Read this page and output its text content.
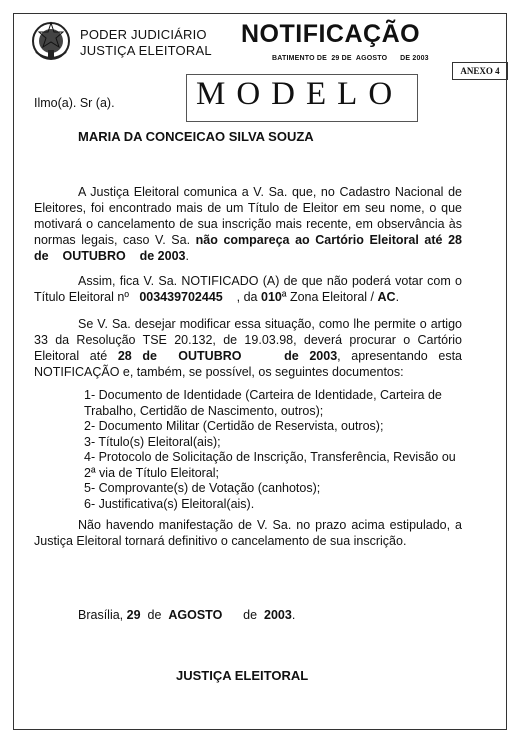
PODER JUDICIÁRIO
JUSTIÇA ELEITORAL
NOTIFICAÇÃO
BATIMENTO DE 29 DE AGOSTO DE 2003
ANEXO 4
MODELO
Ilmo(a). Sr (a).
MARIA DA CONCEICAO SILVA SOUZA
A Justiça Eleitoral comunica a V. Sa. que, no Cadastro Nacional de Eleitores, foi encontrado mais de um Título de Eleitor em seu nome, o que motivará o cancelamento de sua inscrição mais recente, em observância às normas legais, caso V. Sa. não compareça ao Cartório Eleitoral até 28 de OUTUBRO de 2003.
Assim, fica V. Sa. NOTIFICADO (A) de que não poderá votar com o Título Eleitoral nº 003439702445 , da 010ª Zona Eleitoral / AC.
Se V. Sa. desejar modificar essa situação, como lhe permite o artigo 33 da Resolução TSE 20.132, de 19.03.98, deverá procurar o Cartório Eleitoral até 28 de OUTUBRO	de 2003, apresentando esta NOTIFICAÇÃO e, também, se possível, os seguintes documentos:
1- Documento de Identidade (Carteira de Identidade, Carteira de Trabalho, Certidão de Nascimento, outros);
2- Documento Militar (Certidão de Reservista, outros);
3- Título(s) Eleitoral(ais);
4- Protocolo de Solicitação de Inscrição, Transferência, Revisão ou 2ª via de Título Eleitoral;
5- Comprovante(s) de Votação (canhotos);
6- Justificativa(s) Eleitoral(ais).
Não havendo manifestação de V. Sa. no prazo acima estipulado, a Justiça Eleitoral tornará definitivo o cancelamento de sua inscrição.
Brasília, 29 de AGOSTO de 2003.
JUSTIÇA ELEITORAL
